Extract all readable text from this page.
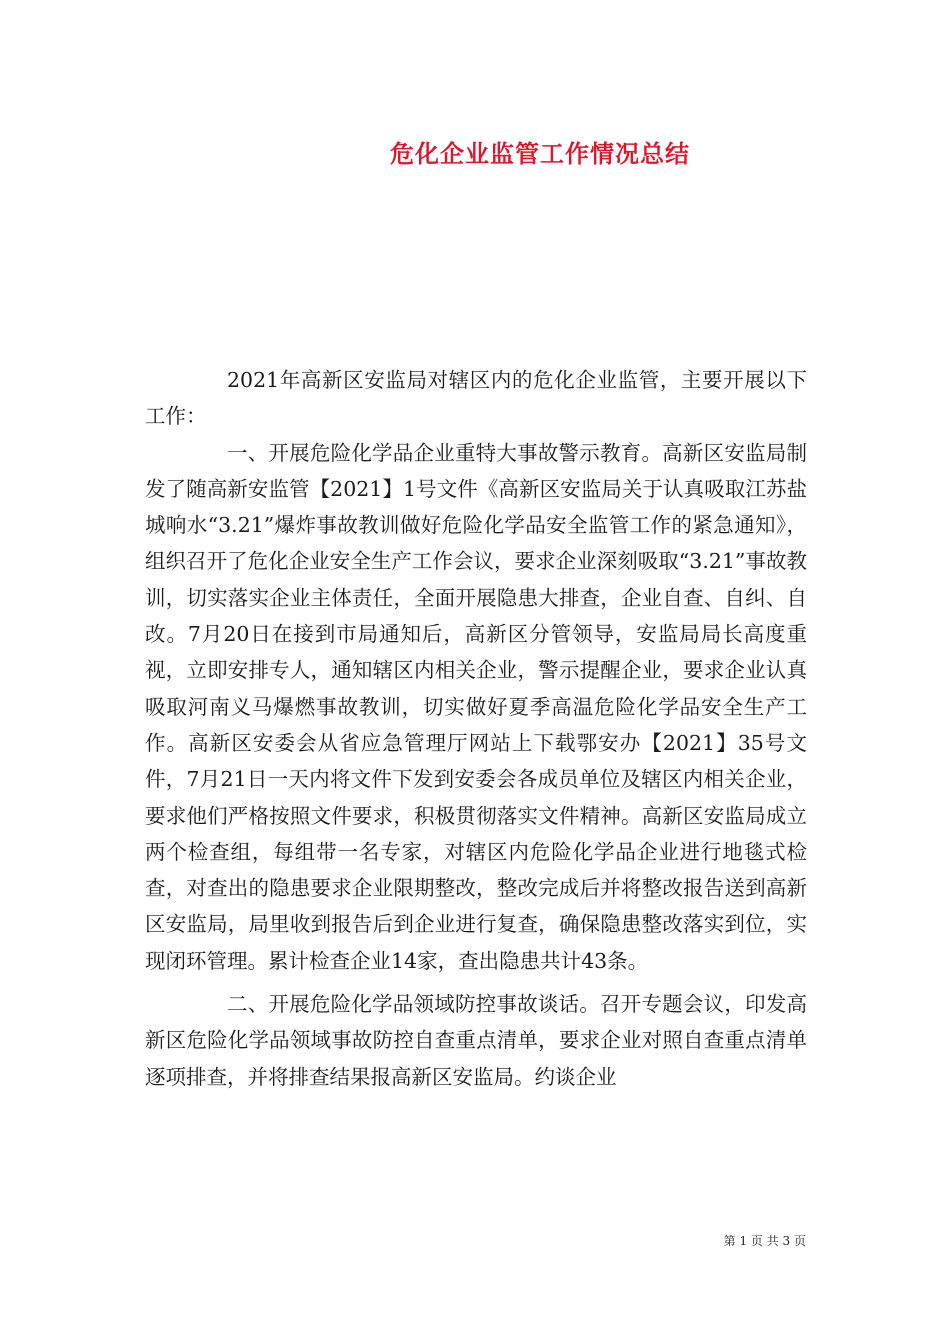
危化企业监管工作情况总结

2021年高新区安监局对辖区内的危化企业监管，主要开展以下工作：

一、开展危险化学品企业重特大事故警示教育。高新区安监局制发了随高新安监管【2021】1号文件《高新区安监局关于认真吸取江苏盐城响水“3.21”爆炸事故教训做好危险化学品安全监管工作的紧急通知》，组织召开了危化企业安全生产工作会议，要求企业深刻吸取“3.21”事故教训，切实落实企业主体责任，全面开展隐患大排查，企业自查、自纠、自改。7月20日在接到市局通知后，高新区分管领导，安监局局长高度重视，立即安排专人，通知辖区内相关企业，警示提醒企业，要求企业认真吸取河南义马爆燃事故教训，切实做好夏季高温危险化学品安全生产工作。高新区安委会从省应急管理厅网站上下载鄂安办【2021】35号文件，7月21日一天内将文件下发到安委会各成员单位及辖区内相关企业，要求他们严格按照文件要求，积极贯彻落实文件精神。高新区安监局成立两个检查组，每组带一名专家，对辖区内危险化学品企业进行地毯式检查，对查出的隐患要求企业限期整改，整改完成后并将整改报告送到高新区安监局，局里收到报告后到企业进行复查，确保隐患整改落实到位，实现闭环管理。累计检查企业14家，查出隐患共计43条。

二、开展危险化学品领域防控事故谈话。召开专题会议，印发高新区危险化学品领域事故防控自查重点清单，要求企业对照自查重点清单逐项排查，并将排查结果报高新区安监局。约谈企业

第 1 页 共 3 页
